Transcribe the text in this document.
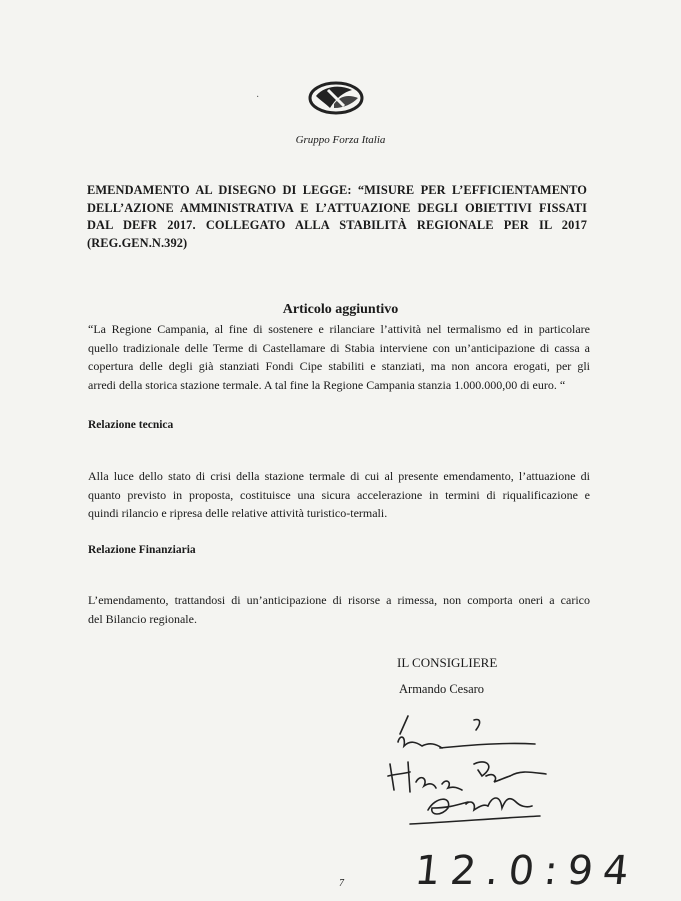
·
Gruppo Forza Italia
EMENDAMENTO AL DISEGNO DI LEGGE: “MISURE PER L’EFFICIENTAMENTO
DELL’AZIONE AMMINISTRATIVA E L’ATTUAZIONE DEGLI OBIETTIVI FISSATI
DAL DEFR 2017. COLLEGATO ALLA STABILITÀ REGIONALE PER IL 2017
(REG.GEN.N.392)
Articolo aggiuntivo
“La Regione Campania, al fine di sostenere e rilanciare l’attività nel termalismo ed in particolare
quello tradizionale delle Terme di Castellamare di Stabia interviene con un’anticipazione di cassa a
copertura delle degli già stanziati Fondi Cipe stabiliti e stanziati, ma non ancora erogati, per gli
arredi della storica stazione termale. A tal fine la Regione Campania stanzia 1.000.000,00 di euro. “
Relazione tecnica
Alla luce dello stato di crisi della stazione termale di cui al presente emendamento, l’attuazione di
quanto previsto in proposta, costituisce una sicura accelerazione in termini di riqualificazione e
quindi rilancio e ripresa delle relative attività turistico-termali.
Relazione Finanziaria
L’emendamento, trattandosi di un’anticipazione di risorse a rimessa, non comporta oneri a carico
del Bilancio regionale.
IL CONSIGLIERE
Armando Cesaro
12.0:94
7
